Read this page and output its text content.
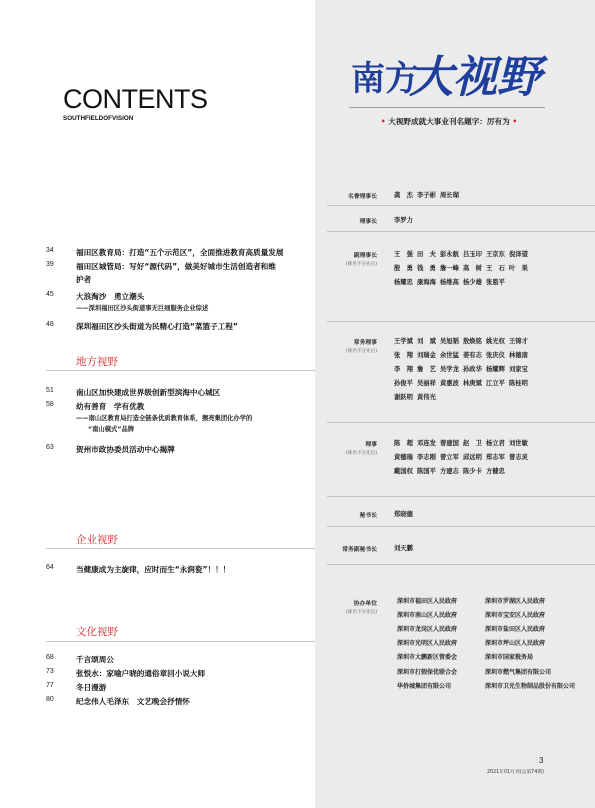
CONTENTS
SOUTHFIELDOFVISION
34	福田区教育局：打造“五个示范区”，全面推进教育高质量发展
39	福田区城管局：写好“源代码”，做美好城市生活创造者和维
护者
45	大浪淘沙　勇立潮头
——深圳福田区沙头街道事无巨细服务企业综述
48	深圳福田区沙头街道为民精心打造“菜篮子工程”
地方视野
51	南山区加快建成世界级创新型滨海中心城区
58	幼有善育　学有优教
——南山区教育局打造全链条优质教育体系，擦亮集团化办学的
“南山模式”品牌
63	贺州市政协委员活动中心揭牌
企业视野
64	当健康成为主旋律，应时而生“永润瓷”！！！
文化视野
68	千言颂周公
73	张恨水：家喻户晓的通俗章回小说大师
77	冬日漫游
80	纪念伟人毛泽东　文艺晚会抒情怀
南方
大视野
• 大视野成就大事业刊名题字：厉有为 •
名誉理事长	龚　杰 李子彬 周长瑚
理事长	李罗力
副理事长
(排名不分先后)
王　强 田　夫 彭永航 吕玉印 王京东 倪泽望
殷　勇 钱　勇 詹一峰 高　树 王　石 叶　果
杨耀忠 康海海 杨维高 杨少雄 张恩平
常务理事
(排名不分先后)
王学斌 刘　斌 吴旭韬 敖焕铭 姚光权 王锦才
张　翔 刘瑞金 余世猛 姜有志 张庆仪 林德南
李　翔 詹　艺 吴学龙 孙政华 杨耀辉 刘家宝
孙俊平 吴丽祥 黄惠波 林庚斌 江立平 陈桂明
谢跃明 黄伟光
理事
(排名不分先后)
陈　超 邓连发 曾建国 赵　卫 杨立君 刘世敏
黄德瑞 李志刚 曾立军 邱远明 郑志军 曾志灵
戴国权 陈国平 方建志 陈少卡 方健忠
秘书长	郑晓德
常务副秘书长	刘天鹏
协办单位
(排名不分先后)
深圳市福田区人民政府	深圳市罗湖区人民政府
深圳市南山区人民政府	深圳市宝安区人民政府
深圳市龙岗区人民政府	深圳市盐田区人民政府
深圳市光明区人民政府	深圳市坪山区人民政府
深圳市大鹏新区管委会	深圳市国家税务局
深圳市打假保优联合会	深圳市燃气集团有限公司
华侨城集团有限公司	深圳市卫光生物制品股份有限公司
3
2021年01月刊(总第74期)
